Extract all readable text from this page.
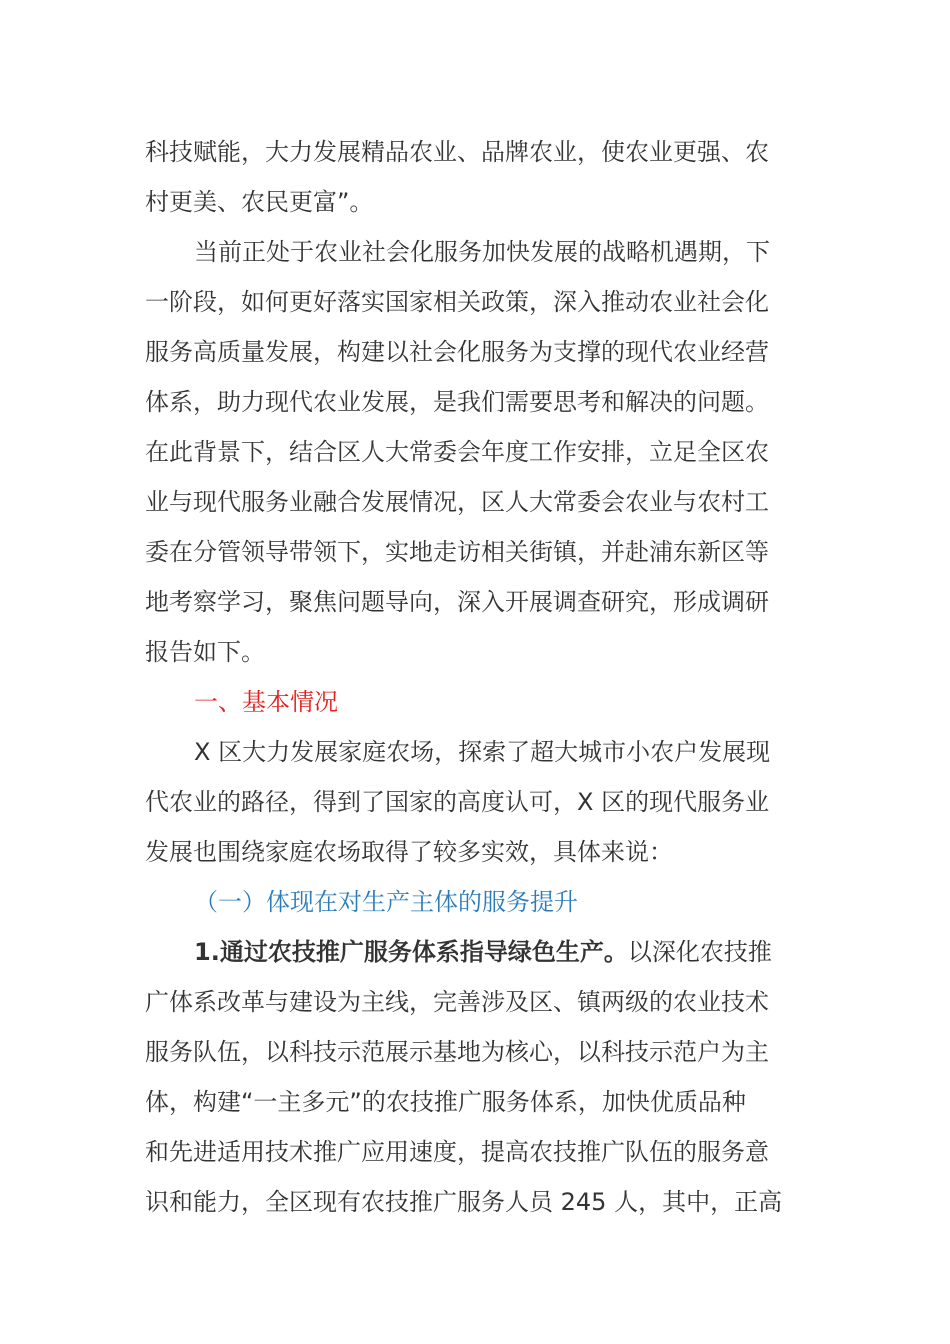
科技赋能，大力发展精品农业、品牌农业，使农业更强、农
村更美、农民更富”。
当前正处于农业社会化服务加快发展的战略机遇期，下
一阶段，如何更好落实国家相关政策，深入推动农业社会化
服务高质量发展，构建以社会化服务为支撑的现代农业经营
体系，助力现代农业发展，是我们需要思考和解决的问题。
在此背景下，结合区人大常委会年度工作安排，立足全区农
业与现代服务业融合发展情况，区人大常委会农业与农村工
委在分管领导带领下，实地走访相关街镇，并赴浦东新区等
地考察学习，聚焦问题导向，深入开展调查研究，形成调研
报告如下。
一、基本情况
X 区大力发展家庭农场，探索了超大城市小农户发展现
代农业的路径，得到了国家的高度认可，X 区的现代服务业
发展也围绕家庭农场取得了较多实效，具体来说：
（一）体现在对生产主体的服务提升
1.通过农技推广服务体系指导绿色生产。以深化农技推
广体系改革与建设为主线，完善涉及区、镇两级的农业技术
服务队伍，以科技示范展示基地为核心，以科技示范户为主
体，构建“一主多元”的农技推广服务体系，加快优质品种
和先进适用技术推广应用速度，提高农技推广队伍的服务意
识和能力，全区现有农技推广服务人员 245 人，其中，正高
